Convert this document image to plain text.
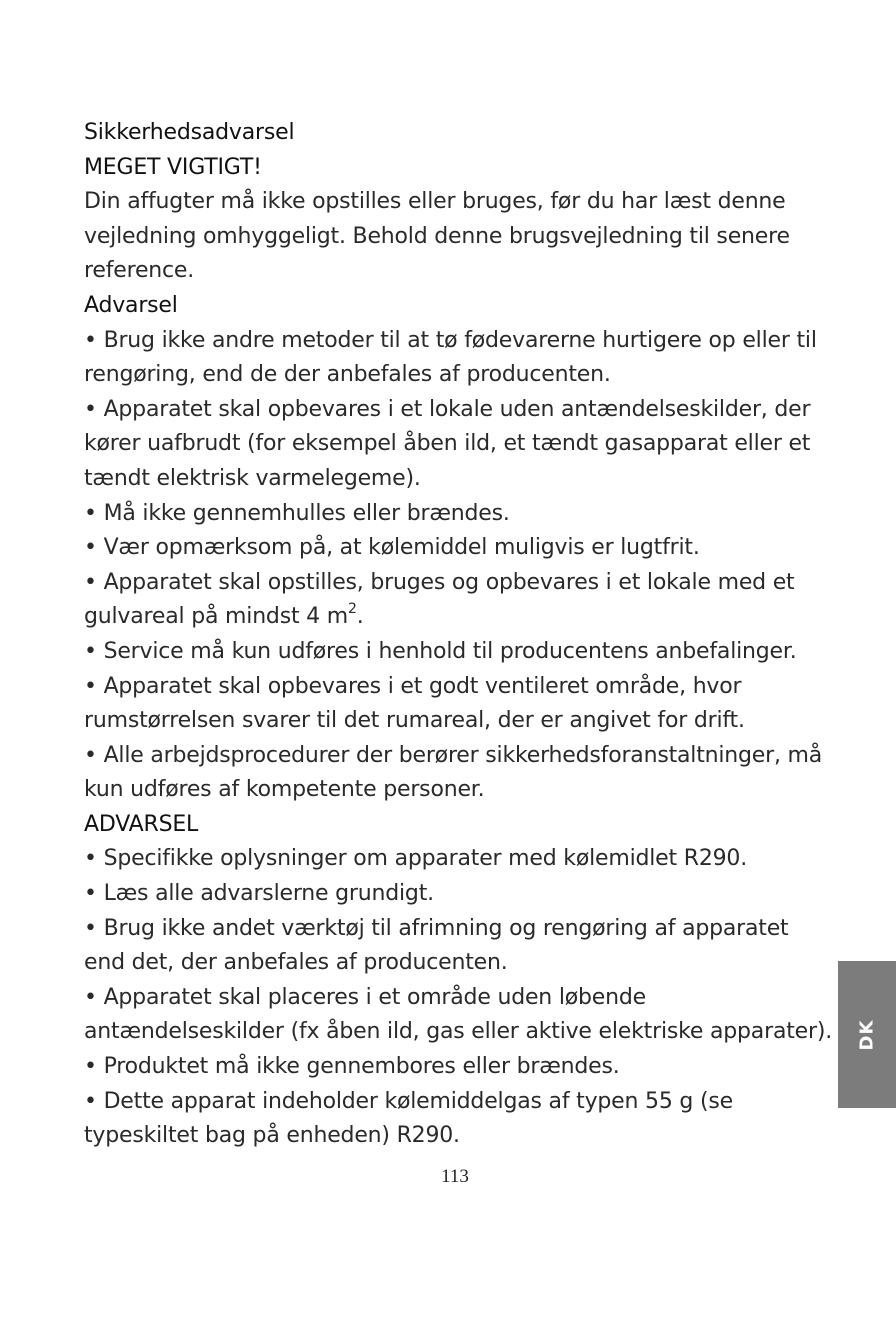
Sikkerhedsadvarsel
MEGET VIGTIGT!
Din affugter må ikke opstilles eller bruges, før du har læst denne
vejledning omhyggeligt. Behold denne brugsvejledning til senere
reference.
Advarsel
• Brug ikke andre metoder til at tø fødevarerne hurtigere op eller til
rengøring, end de der anbefales af producenten.
• Apparatet skal opbevares i et lokale uden antændelseskilder, der
kører uafbrudt (for eksempel åben ild, et tændt gasapparat eller et
tændt elektrisk varmelegeme).
• Må ikke gennemhulles eller brændes.
• Vær opmærksom på, at kølemiddel muligvis er lugtfrit.
• Apparatet skal opstilles, bruges og opbevares i et lokale med et
gulvareal på mindst 4 $m^2$.
• Service må kun udføres i henhold til producentens anbefalinger.
• Apparatet skal opbevares i et godt ventileret område, hvor
rumstørrelsen svarer til det rumareal, der er angivet for drift.
• Alle arbejdsprocedurer der berører sikkerhedsforanstaltninger, må
kun udføres af kompetente personer.
ADVARSEL
• Specifikke oplysninger om apparater med kølemidlet R290.
• Læs alle advarslerne grundigt.
• Brug ikke andet værktøj til afrimning og rengøring af apparatet
end det, der anbefales af producenten.
• Apparatet skal placeres i et område uden løbende
antændelseskilder (fx åben ild, gas eller aktive elektriske apparater).
• Produktet må ikke gennembores eller brændes.
• Dette apparat indeholder kølemiddelgas af typen 55 g (se
typeskiltet bag på enheden) R290.
113
DK
